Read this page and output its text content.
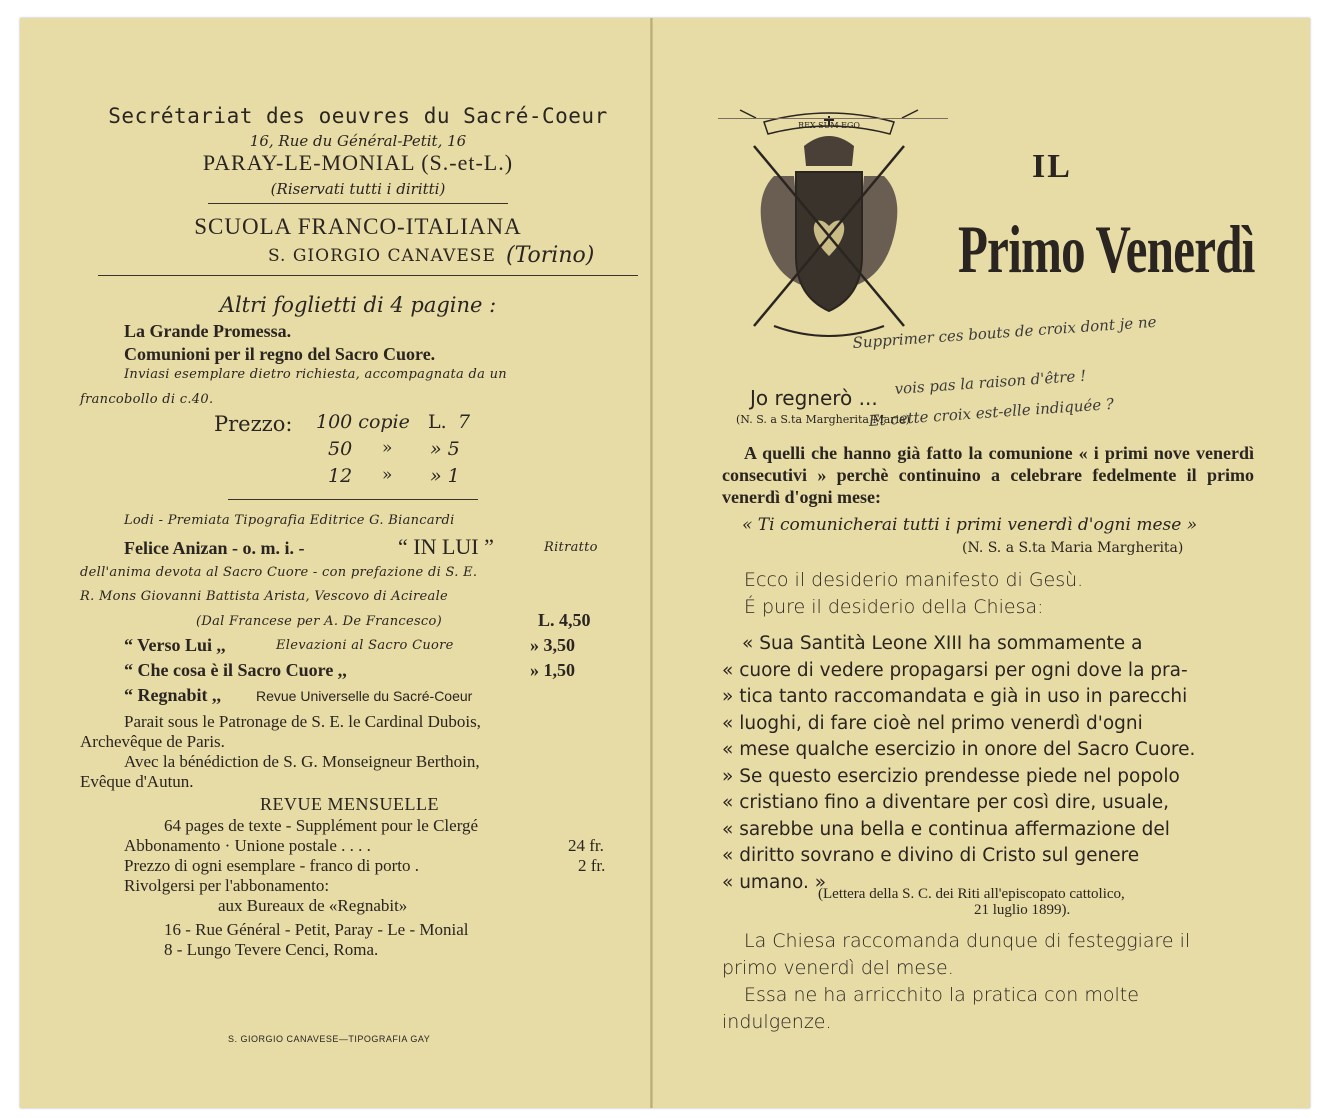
Secrétariat des oeuvres du Sacré-Coeur
16, Rue du Général-Petit, 16
PARAY-LE-MONIAL (S.-et-L.)
(Riservati tutti i diritti)
SCUOLA FRANCO-ITALIANA
S. GIORGIO CANAVESE (Torino)
Altri foglietti di 4 pagine :
La Grande Promessa.
Comunioni per il regno del Sacro Cuore.
Inviasi esemplare dietro richiesta, accompagnata da un
francobollo di c.40.
Prezzo: 100 copie L. 7
50 » » 5
12 » » 1
Lodi - Premiata Tipografia Editrice G. Biancardi
Felice Anizan - o. m. i. -	“ IN LUI ”	Ritratto
dell'anima devota al Sacro Cuore - con prefazione di S. E.
R. Mons Giovanni Battista Arista, Vescovo di Acireale
(Dal Francese per A. De Francesco)	L. 4,50
“ Verso Lui ,,	Elevazioni al Sacro Cuore	» 3,50
“ Che cosa è il Sacro Cuore ,,	» 1,50
“ Regnabit ,, Revue Universelle du Sacré-Coeur
Parait sous le Patronage de S. E. le Cardinal Dubois,
Archevêque de Paris.
Avec la bénédiction de S. G. Monseigneur Berthoin,
Evêque d'Autun.
REVUE MENSUELLE
64 pages de texte - Supplément pour le Clergé
Abbonamento · Unione postale . . . .	24 fr.
Prezzo di ogni esemplare - franco di porto .	2 fr.
Rivolgersi per l'abbonamento:
aux Bureaux de «Regnabit»
16 - Rue Général - Petit, Paray - Le - Monial
8 - Lungo Tevere Cenci, Roma.
S. GIORGIO CANAVESE—TIPOGRAFIA GAY
REX SUM EGO
IL
Primo Venerdì
Supprimer ces bouts de croix dont je ne
vois pas la raison d'être !
Et cette croix est-elle indiquée ?
Jo regnerò ...
(N. S. a S.ta Margherita Maria)
A quelli che hanno già fatto la comunione « i primi nove venerdì consecutivi » perchè continuino a celebrare fedelmente il primo venerdì d'ogni mese:
« Ti comunicherai tutti i primi venerdì d'ogni mese »
(N. S. a S.ta Maria Margherita)
Ecco il desiderio manifesto di Gesù.
É pure il desiderio della Chiesa:
« Sua Santità Leone XIII ha sommamente a
« cuore di vedere propagarsi per ogni dove la pra-
» tica tanto raccomandata e già in uso in parecchi
« luoghi, di fare cioè nel primo venerdì d'ogni
« mese qualche esercizio in onore del Sacro Cuore.
» Se questo esercizio prendesse piede nel popolo
« cristiano fino a diventare per così dire, usuale,
« sarebbe una bella e continua affermazione del
« diritto sovrano e divino di Cristo sul genere
« umano. »
(Lettera della S. C. dei Riti all'episcopato cattolico,
21 luglio 1899).
La Chiesa raccomanda dunque di festeggiare il
primo venerdì del mese.
Essa ne ha arricchito la pratica con molte
indulgenze.
